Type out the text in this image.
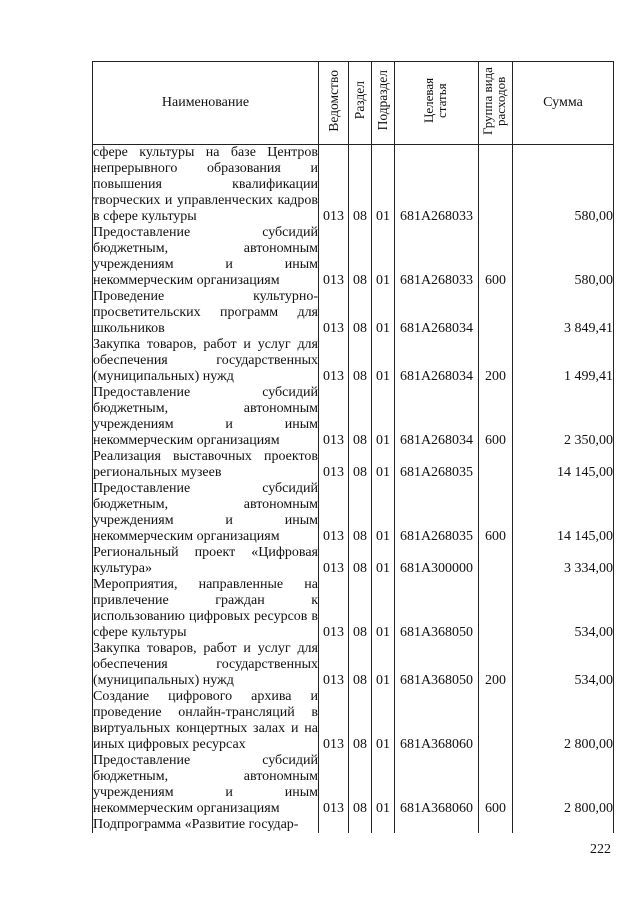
Наименование	Ведомство	Раздел	Подраздел	Целевая статья	Группа вида расходов	Сумма
сфере культуры на базе Центров непрерывного образования и повышения квалификации творческих и управленческих кадров в сфере культуры	013	08	01	681A268033		580,00
Предоставление субсидий бюджетным, автономным учреждениям и иным некоммерческим организациям	013	08	01	681A268033	600	580,00
Проведение культурно-просветительских программ для школьников	013	08	01	681A268034		3 849,41
Закупка товаров, работ и услуг для обеспечения государственных (муниципальных) нужд	013	08	01	681A268034	200	1 499,41
Предоставление субсидий бюджетным, автономным учреждениям и иным некоммерческим организациям	013	08	01	681A268034	600	2 350,00
Реализация выставочных проектов региональных музеев	013	08	01	681A268035		14 145,00
Предоставление субсидий бюджетным, автономным учреждениям и иным некоммерческим организациям	013	08	01	681A268035	600	14 145,00
Региональный проект «Цифровая культура»	013	08	01	681A300000		3 334,00
Мероприятия, направленные на привлечение граждан к использованию цифровых ресурсов в сфере культуры	013	08	01	681A368050		534,00
Закупка товаров, работ и услуг для обеспечения государственных (муниципальных) нужд	013	08	01	681A368050	200	534,00
Создание цифрового архива и проведение онлайн-трансляций в виртуальных концертных залах и на иных цифровых ресурсах	013	08	01	681A368060		2 800,00
Предоставление субсидий бюджетным, автономным учреждениям и иным некоммерческим организациям	013	08	01	681A368060	600	2 800,00
Подпрограмма «Развитие государ-						
222
